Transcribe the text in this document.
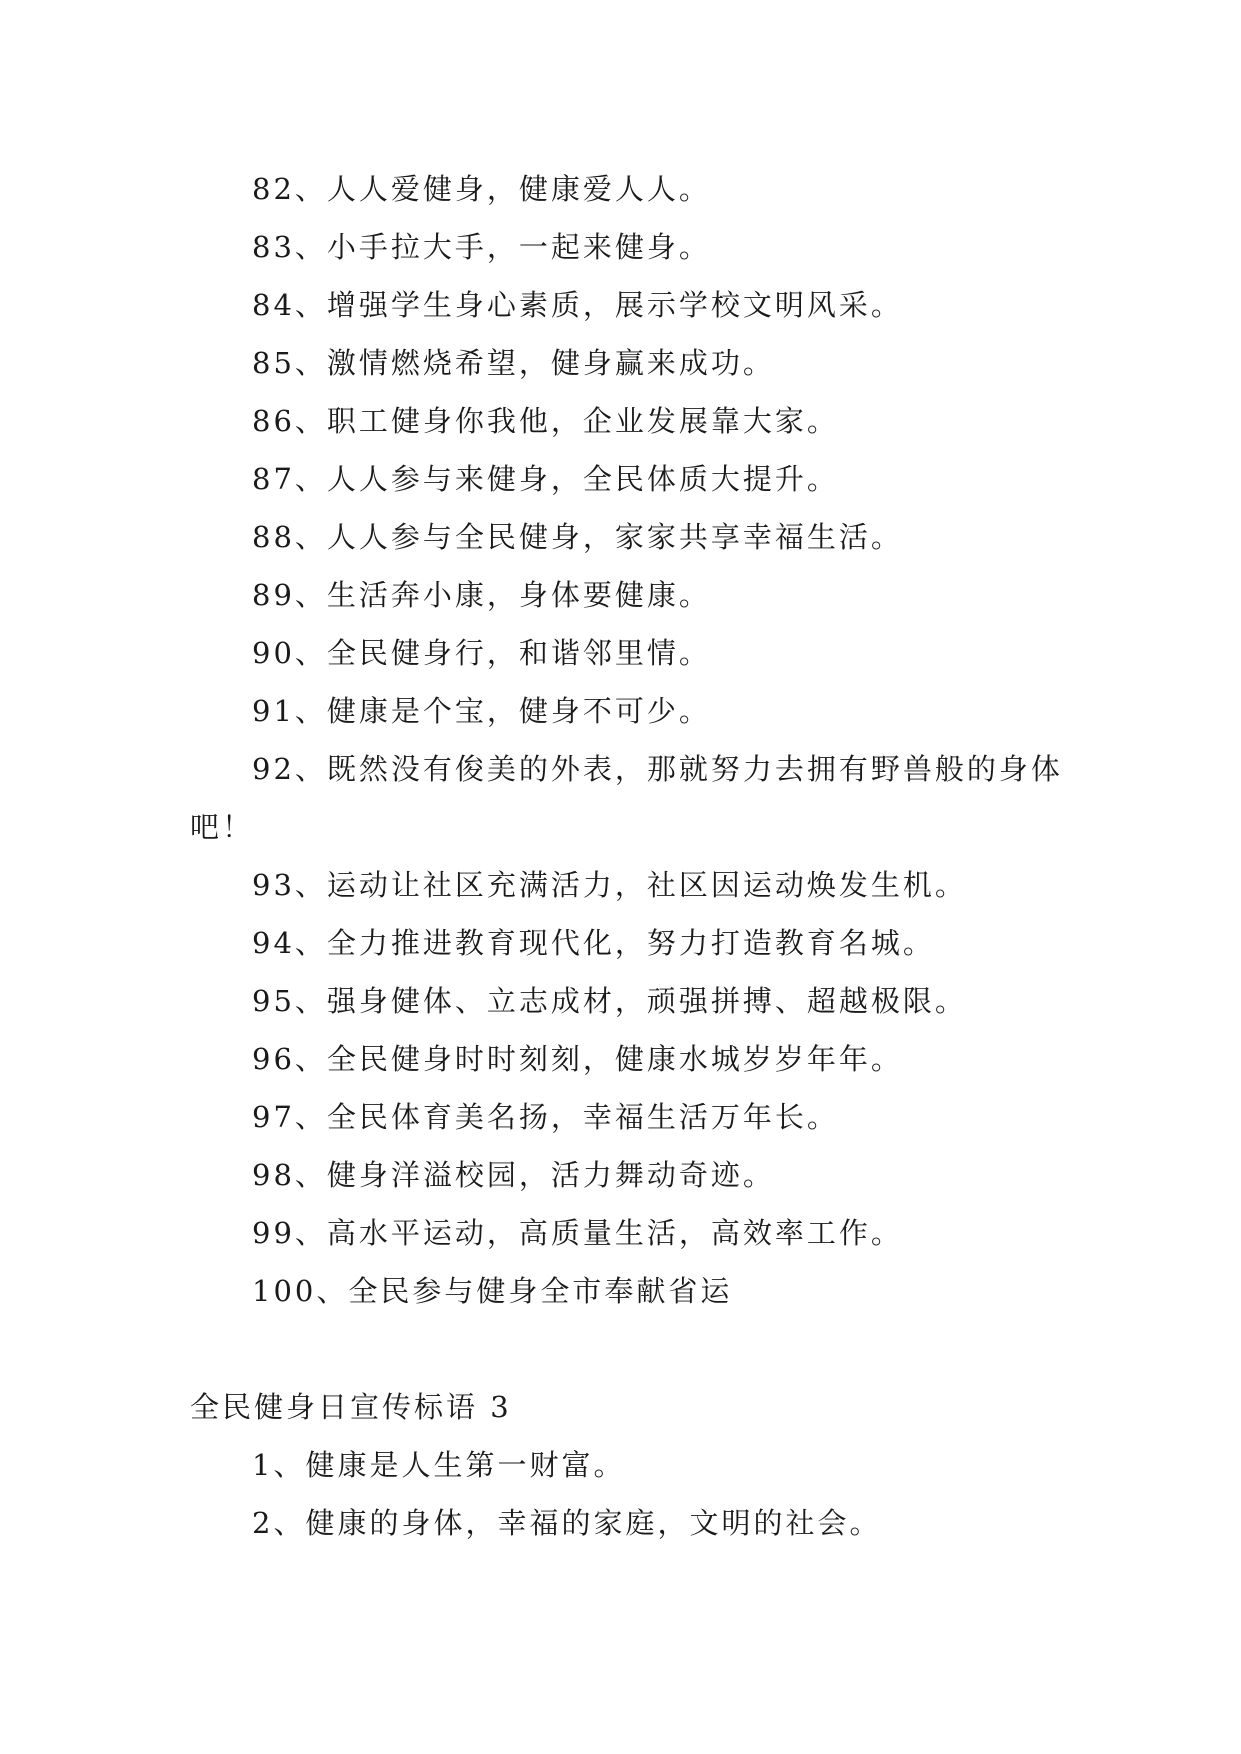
82、人人爱健身，健康爱人人。
83、小手拉大手，一起来健身。
84、增强学生身心素质，展示学校文明风采。
85、激情燃烧希望，健身赢来成功。
86、职工健身你我他，企业发展靠大家。
87、人人参与来健身，全民体质大提升。
88、人人参与全民健身，家家共享幸福生活。
89、生活奔小康，身体要健康。
90、全民健身行，和谐邻里情。
91、健康是个宝，健身不可少。
92、既然没有俊美的外表，那就努力去拥有野兽般的身体吧！
93、运动让社区充满活力，社区因运动焕发生机。
94、全力推进教育现代化，努力打造教育名城。
95、强身健体、立志成材，顽强拼搏、超越极限。
96、全民健身时时刻刻，健康水城岁岁年年。
97、全民体育美名扬，幸福生活万年长。
98、健身洋溢校园，活力舞动奇迹。
99、高水平运动，高质量生活，高效率工作。
100、全民参与健身全市奉献省运
全民健身日宣传标语 3
1、健康是人生第一财富。
2、健康的身体，幸福的家庭，文明的社会。
